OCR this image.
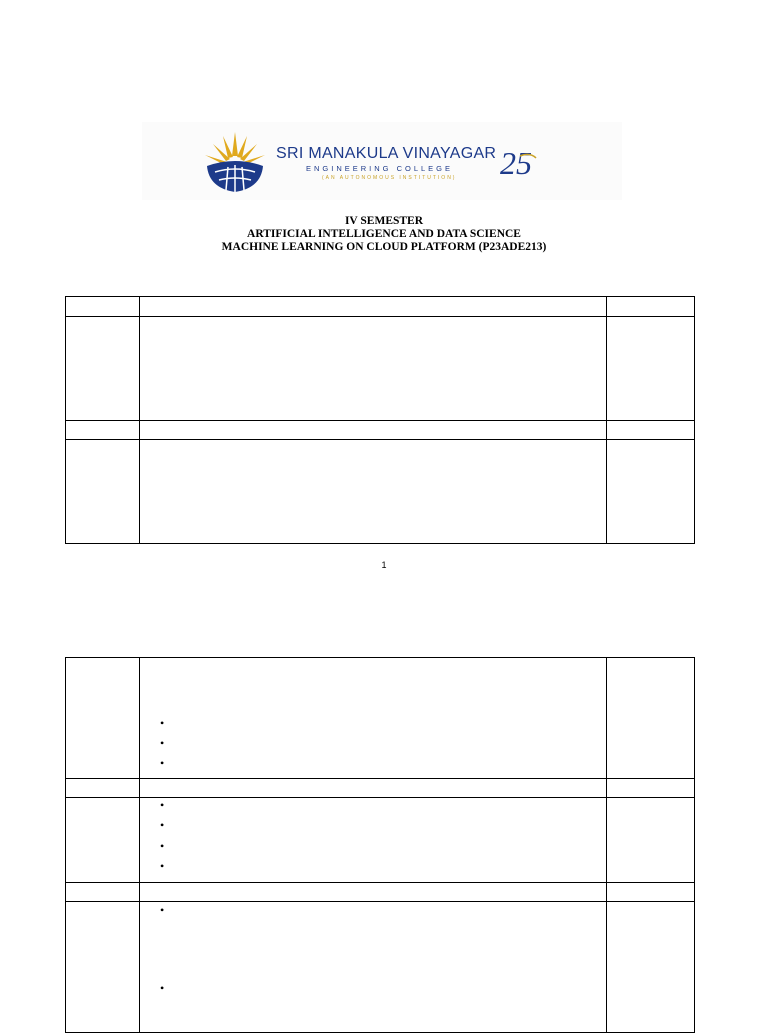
SRI MANAKULA VINAYAGAR
ENGINEERING COLLEGE
(AN AUTONOMOUS INSTITUTION) 25
IV SEMESTER
ARTIFICIAL INTELLIGENCE AND DATA SCIENCE
MACHINE LEARNING ON CLOUD PLATFORM (P23ADE213)

1

	•
•
•	

	•
•
•
•	

	•
•	
